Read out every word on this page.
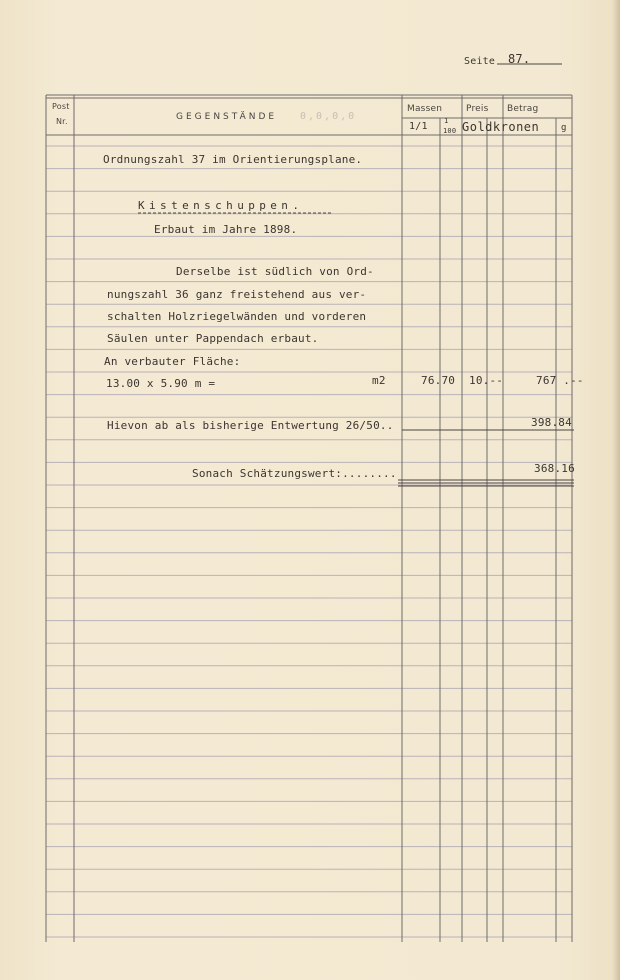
Seite 87.
Post
Nr.	GEGENSTÄNDE 0,0,0,0
Massen	Preis Betrag
1/1 1
100 Goldkronen g
Ordnungszahl 37 im Orientierungsplane.
Kistenschuppen.
Erbaut im Jahre 1898.
Derselbe ist südlich von Ord-
nungszahl 36 ganz freistehend aus ver-
schalten Holzriegelwänden und vorderen
Säulen unter Pappendach erbaut.
An verbauter Fläche:
13.00 x 5.90 m =	m2	76.70 10.--	767 .--
Hievon ab als bisherige Entwertung 26/50..	398.84
Sonach Schätzungswert:........	368.16
